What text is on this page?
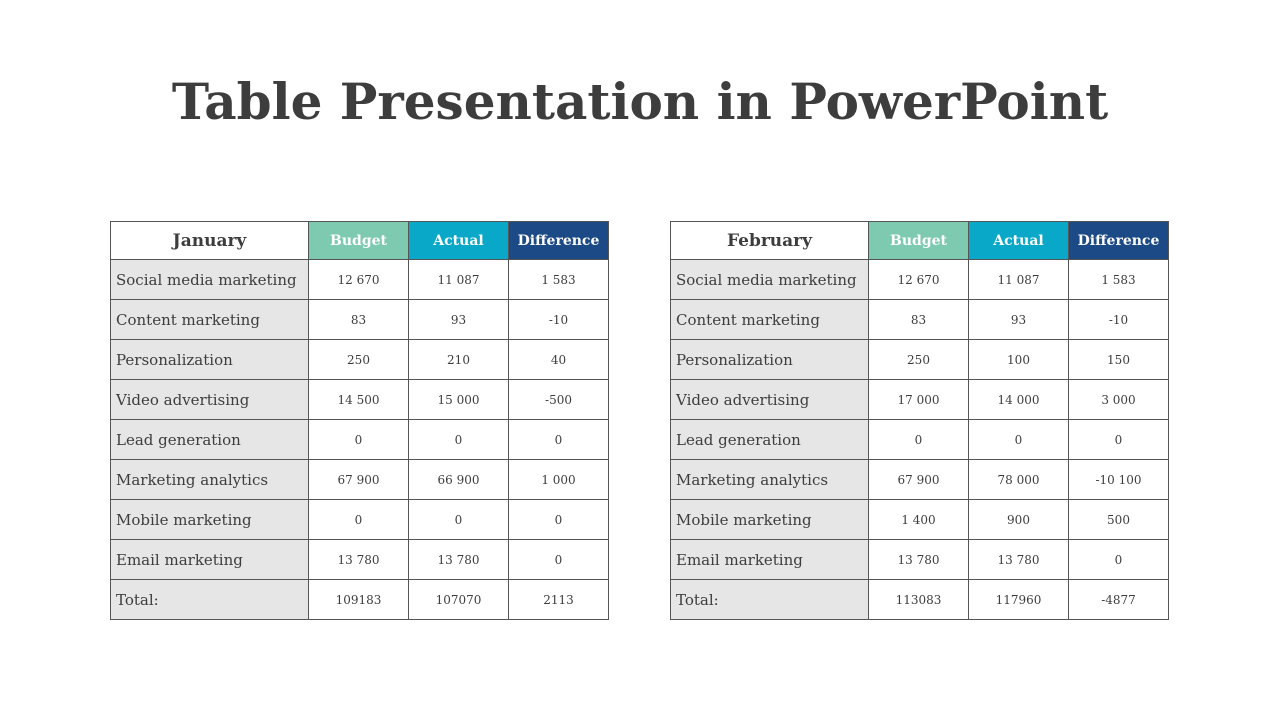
Table Presentation in PowerPoint
January	Budget	Actual	Difference
Social media marketing	12 670	11 087	1 583
Content marketing	83	93	-10
Personalization	250	210	40
Video advertising	14 500	15 000	-500
Lead generation	0	0	0
Marketing analytics	67 900	66 900	1 000
Mobile marketing	0	0	0
Email marketing	13 780	13 780	0
Total:	109183	107070	2113
February	Budget	Actual	Difference
Social media marketing	12 670	11 087	1 583
Content marketing	83	93	-10
Personalization	250	100	150
Video advertising	17 000	14 000	3 000
Lead generation	0	0	0
Marketing analytics	67 900	78 000	-10 100
Mobile marketing	1 400	900	500
Email marketing	13 780	13 780	0
Total:	113083	117960	-4877
